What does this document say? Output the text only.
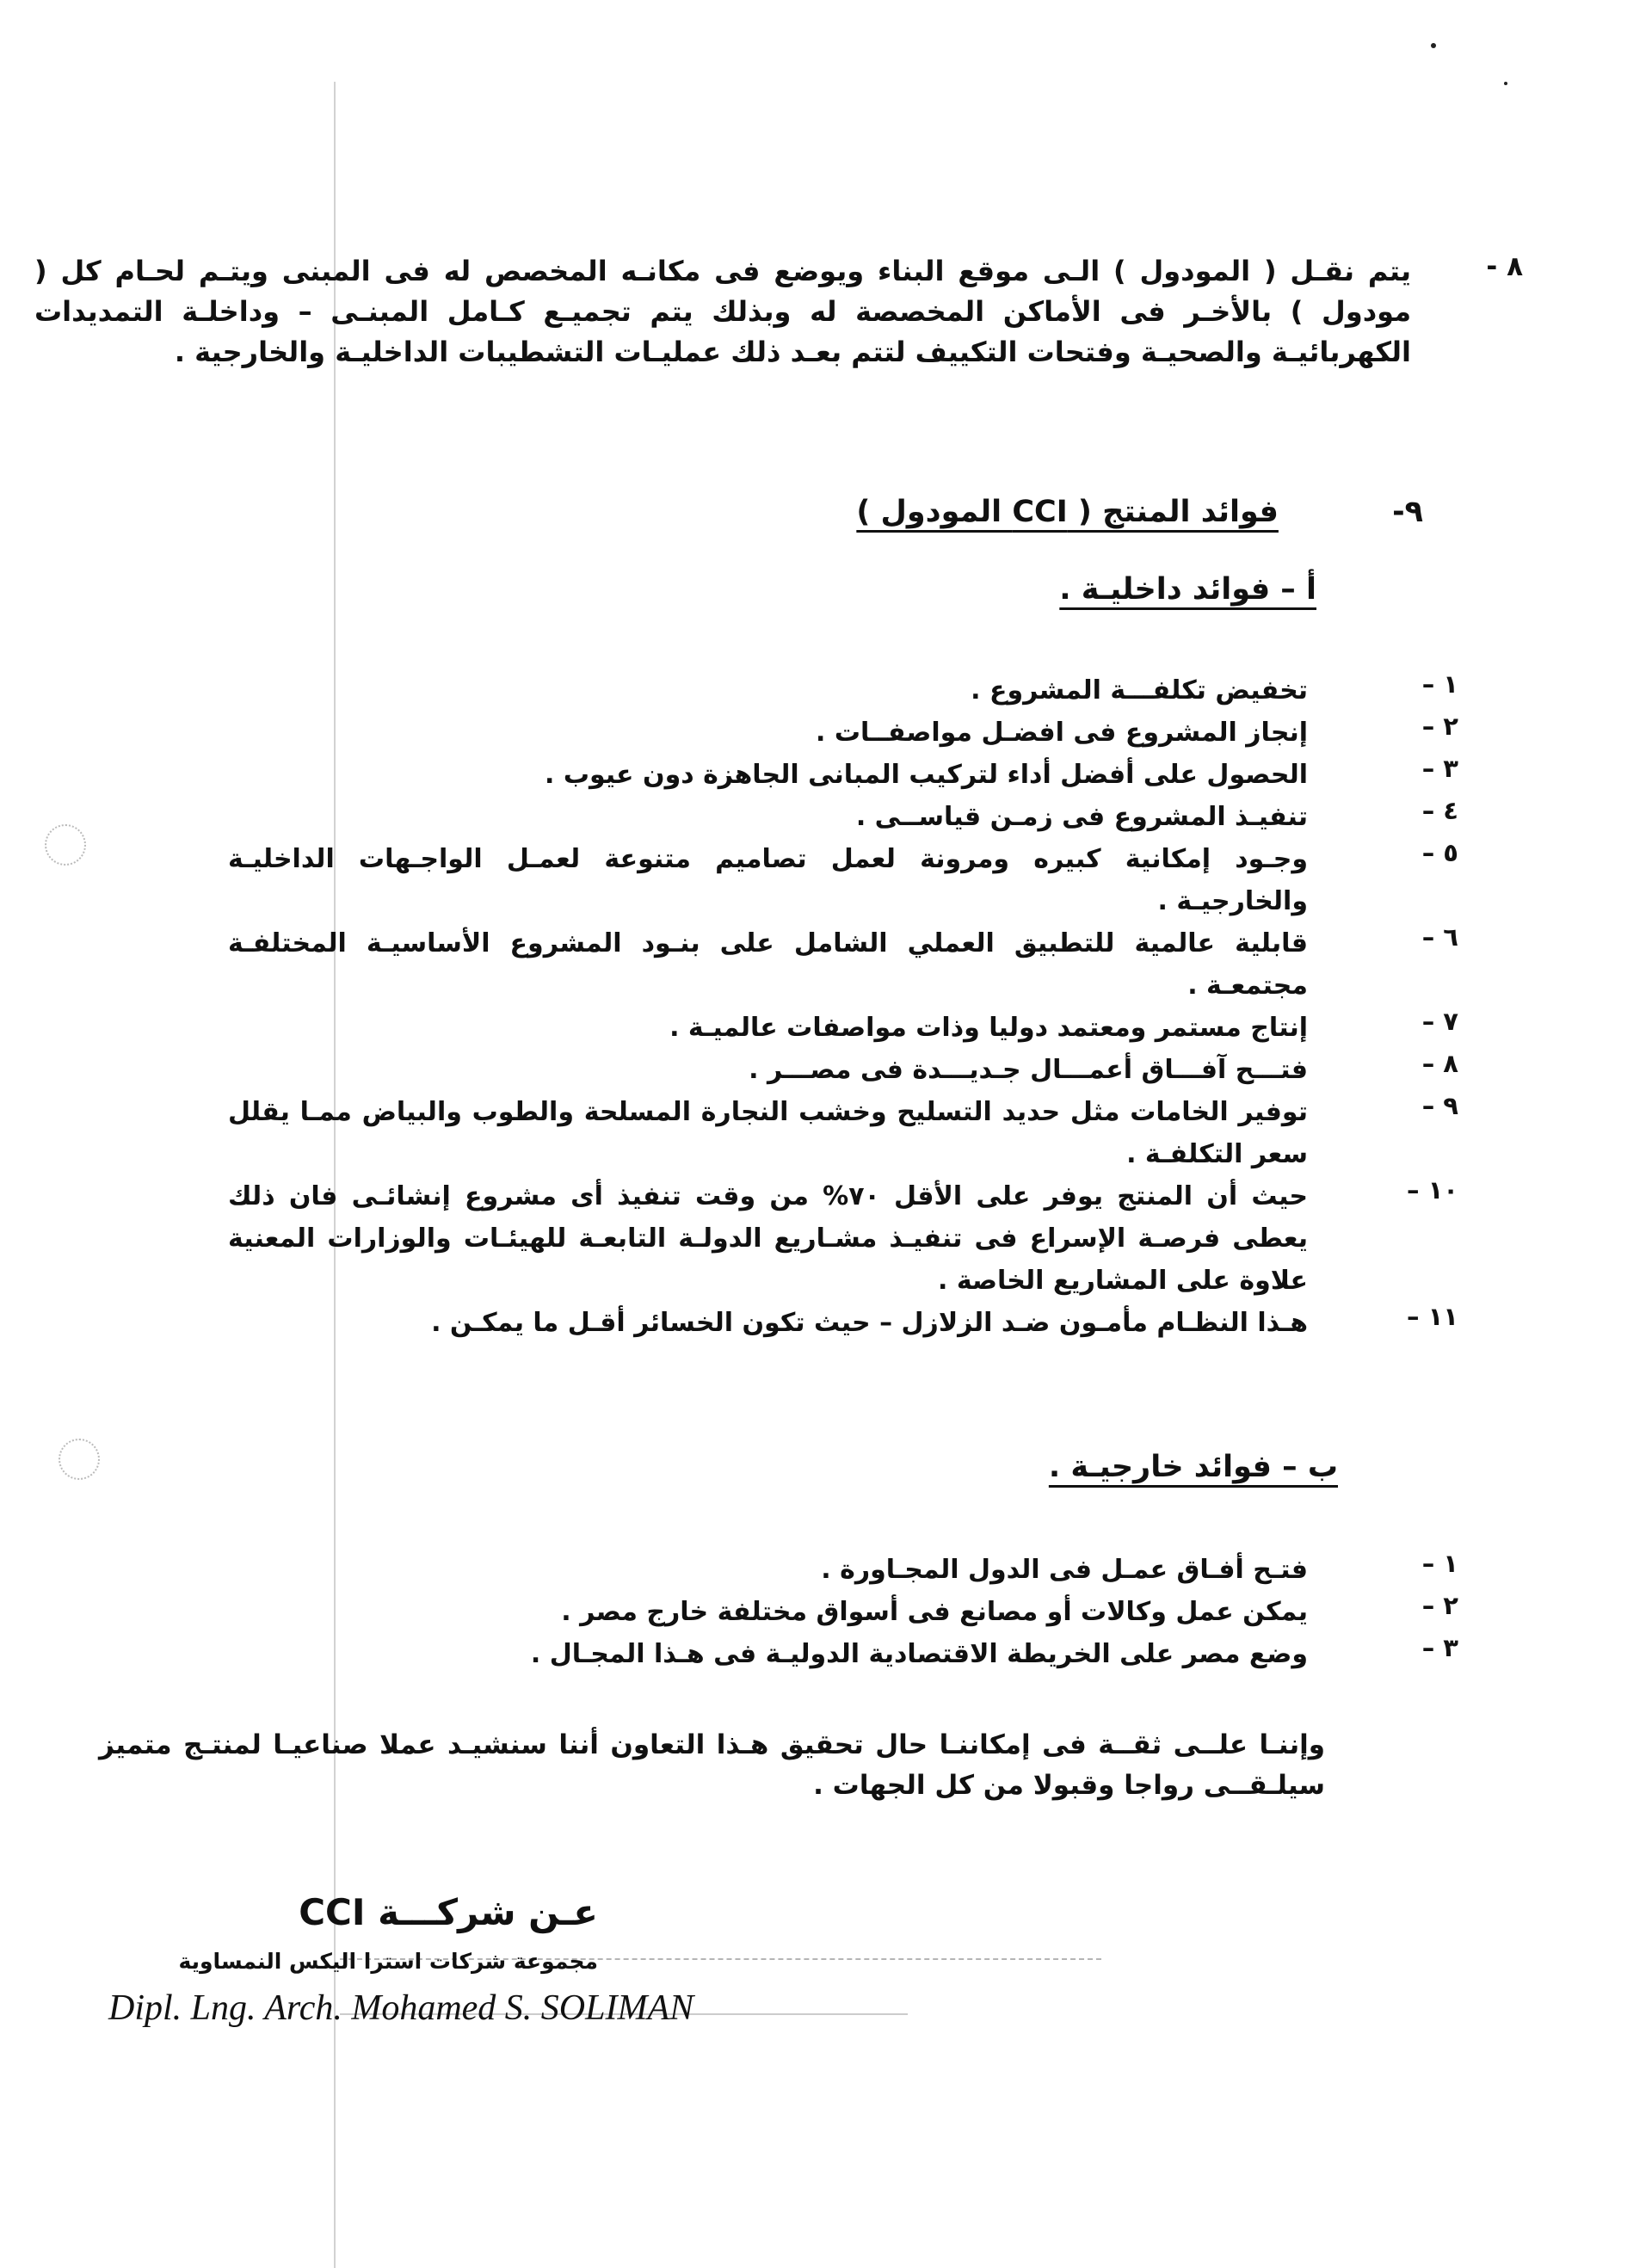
٨ -
يتم نقـل ( المودول ) الـى موقع البناء ويوضع فى مكانـه المخصص له فى المبنى ويتـم لحـام كل ( مودول ) بالأخـر فى الأماكن المخصصة له وبذلك يتم تجميـع كـامل المبنـى – وداخلـة التمديدات الكهربائيـة والصحيـة وفتحات التكييف لتتم بعـد ذلك عمليـات التشطيبات الداخليـة والخارجية .
٩- فوائد المنتج ( CCI المودول )
أ – فوائد داخليـة .
١ –
تخفيض تكلفـــة المشروع .
٢ –
إنجاز المشروع فى افضـل مواصفــات .
٣ –
الحصول على أفضل أداء لتركيب المبانى الجاهزة دون عيوب .
٤ –
تنفيـذ المشروع فى زمـن قياســى .
٥ –
وجـود إمكانية كبيره ومرونة لعمل تصاميم متنوعة لعمـل الواجـهات الداخليـة والخارجيـة .
٦ –
قابلية عالمية للتطبيق العملي الشامل على بنـود المشروع الأساسيـة المختلفـة مجتمعـة .
٧ –
إنتاج مستمر ومعتمد دوليا وذات مواصفات عالميـة .
٨ –
فتـــح آفـــاق أعمـــال جـديـــدة فى مصـــر .
٩ –
توفير الخامات مثل حديد التسليح وخشب النجارة المسلحة والطوب والبياض ممـا يقلل سعر التكلفـة .
١٠ –
حيث أن المنتج يوفر على الأقل ٧٠% من وقت تنفيذ أى مشروع إنشائـى فان ذلك يعطى فرصـة الإسراع فى تنفيـذ مشـاريع الدولـة التابعـة للهيئـات والوزارات المعنية علاوة على المشاريع الخاصة .
١١ –
هـذا النظـام مأمـون ضـد الزلازل – حيث تكون الخسائر أقـل ما يمكـن .
ب – فوائد خارجيـة .
١ –
فتـح أفـاق عمـل فى الدول المجـاورة .
٢ –
يمكن عمل وكالات أو مصانع فى أسواق مختلفة خارج مصر .
٣ –
وضع مصر على الخريطة الاقتصادية الدوليـة فى هـذا المجـال .
وإننـا علــى ثقــة فى إمكاننـا حال تحقيق هـذا التعاون أننا سنشيـد عملا صناعيـا لمنتـج متميز سيلـقــى رواجا وقبولا من كل الجهات .
عـن شركـــة CCI
مجموعة شركات استرا اليكس النمساوية
Dipl. Lng. Arch. Mohamed S. SOLIMAN
